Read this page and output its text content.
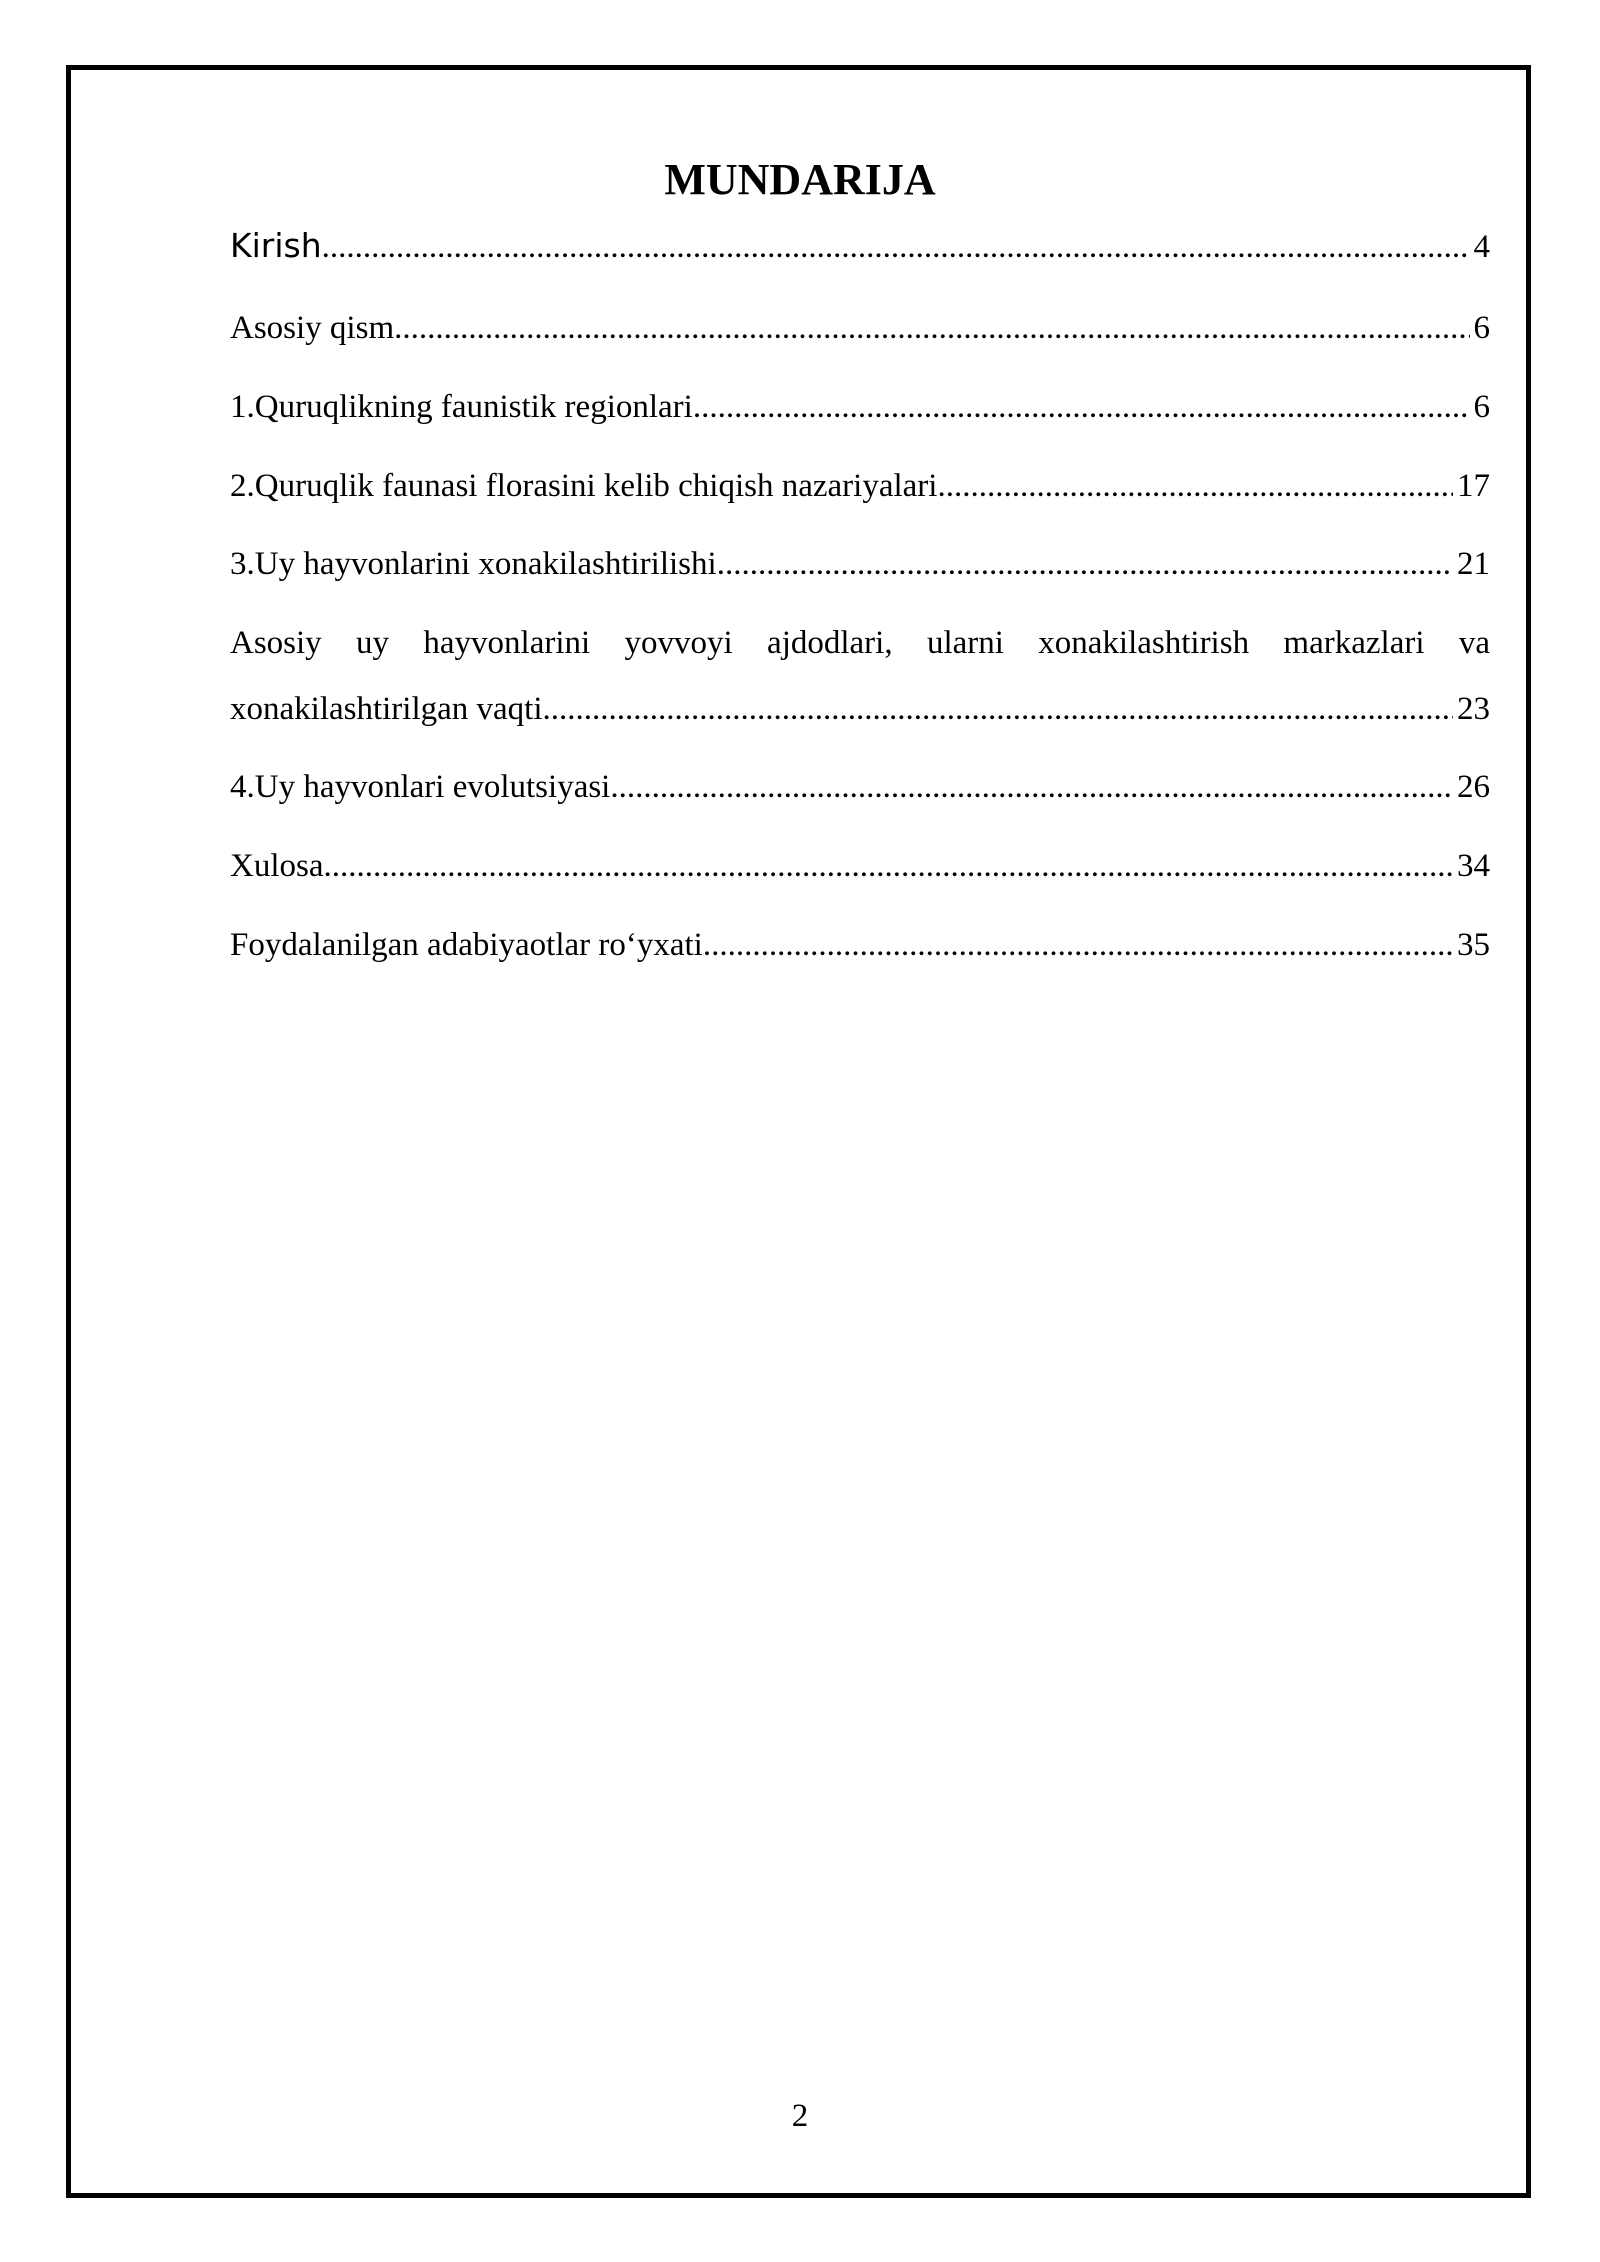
MUNDARIJA
Kirish .....	4
Asosiy qism .....	6
1.Quruqlikning faunistik regionlari .....	6
2.Quruqlik faunasi florasini kelib chiqish nazariyalari .....	17
3.Uy hayvonlarini xonakilashtirilishi .....	21
Asosiy uy hayvonlarini yovvoyi ajdodlari, ularni xonakilashtirish markazlari va
xonakilashtirilgan vaqti .....	23
4.Uy hayvonlari evolutsiyasi .....	26
Xulosa .....	34
Foydalanilgan adabiyaotlar ro‘yxati .....	35
2
